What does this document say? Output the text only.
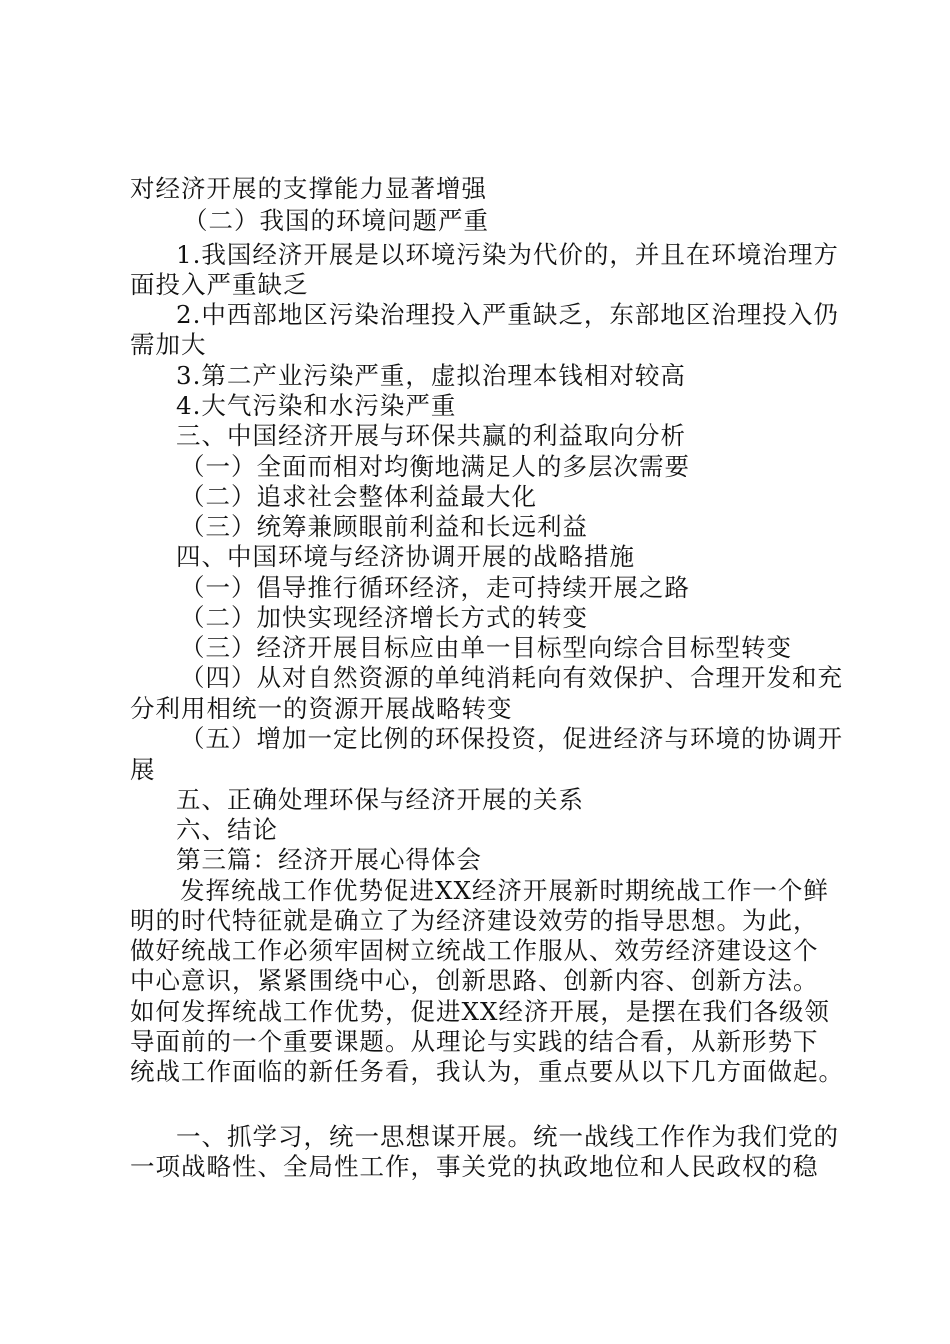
对经济开展的支撑能力显著增强
（二）我国的环境问题严重
1.我国经济开展是以环境污染为代价的，并且在环境治理方
面投入严重缺乏
2.中西部地区污染治理投入严重缺乏，东部地区治理投入仍
需加大
3.第二产业污染严重，虚拟治理本钱相对较高
4.大气污染和水污染严重
三、中国经济开展与环保共赢的利益取向分析
（一）全面而相对均衡地满足人的多层次需要
（二）追求社会整体利益最大化
（三）统筹兼顾眼前利益和长远利益
四、中国环境与经济协调开展的战略措施
（一）倡导推行循环经济，走可持续开展之路
（二）加快实现经济增长方式的转变
（三）经济开展目标应由单一目标型向综合目标型转变
（四）从对自然资源的单纯消耗向有效保护、合理开发和充
分利用相统一的资源开展战略转变
（五）增加一定比例的环保投资，促进经济与环境的协调开
展
五、正确处理环保与经济开展的关系
六、结论
第三篇：经济开展心得体会
发挥统战工作优势促进XX经济开展新时期统战工作一个鲜
明的时代特征就是确立了为经济建设效劳的指导思想。为此，
做好统战工作必须牢固树立统战工作服从、效劳经济建设这个
中心意识，紧紧围绕中心，创新思路、创新内容、创新方法。
如何发挥统战工作优势，促进XX经济开展，是摆在我们各级领
导面前的一个重要课题。从理论与实践的结合看，从新形势下
统战工作面临的新任务看，我认为，重点要从以下几方面做起。
一、抓学习，统一思想谋开展。统一战线工作作为我们党的
一项战略性、全局性工作，事关党的执政地位和人民政权的稳
